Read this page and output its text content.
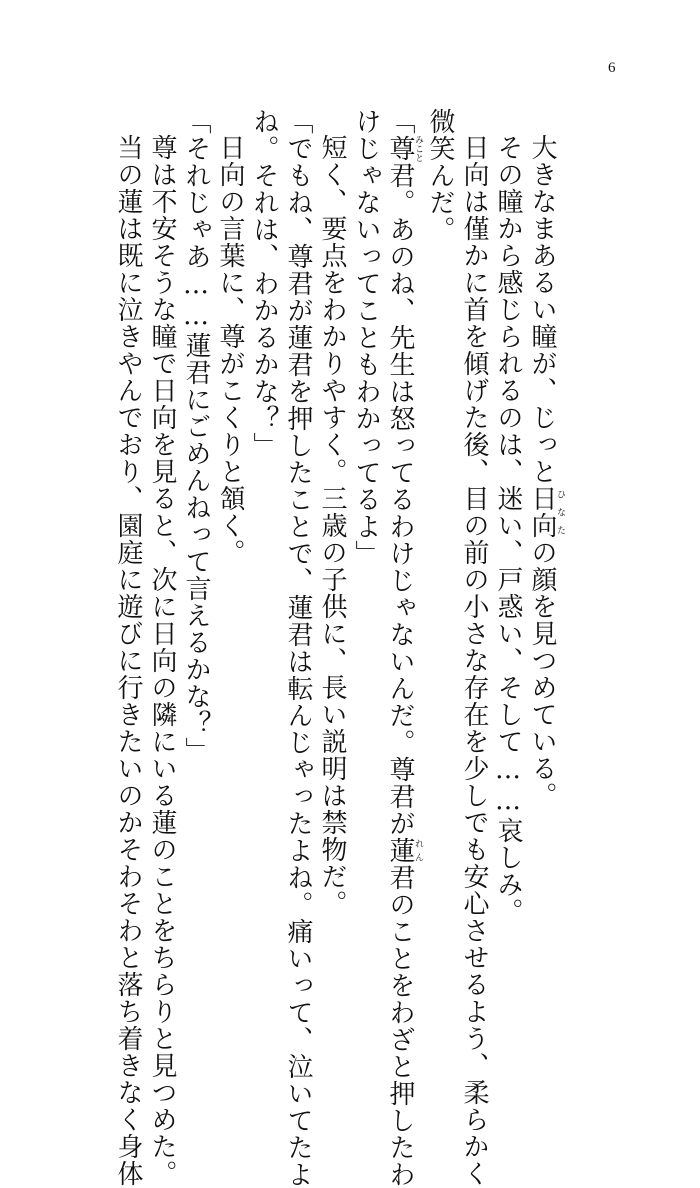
6
大きなまあるい瞳が、じっと日向ひなたの顔を見つめている。
その瞳から感じられるのは、迷い、戸惑い、そして……哀しみ。
日向は僅かに首を傾げた後、目の前の小さな存在を少しでも安心させるよう、柔らかく
微笑んだ。
「尊みこと君。あのね、先生は怒ってるわけじゃないんだ。尊君が蓮れん君のことをわざと押したわ
けじゃないってこともわかってるよ」
短く、要点をわかりやすく。三歳の子供に、長い説明は禁物だ。
「でもね、尊君が蓮君を押したことで、蓮君は転んじゃったよね。痛いって、泣いてたよ
ね。それは、わかるかな？」
日向の言葉に、尊がこくりと頷く。
「それじゃあ……蓮君にごめんねって言えるかな？」
尊は不安そうな瞳で日向を見ると、次に日向の隣にいる蓮のことをちらりと見つめた。
当の蓮は既に泣きやんでおり、園庭に遊びに行きたいのかそわそわと落ち着きなく身体
